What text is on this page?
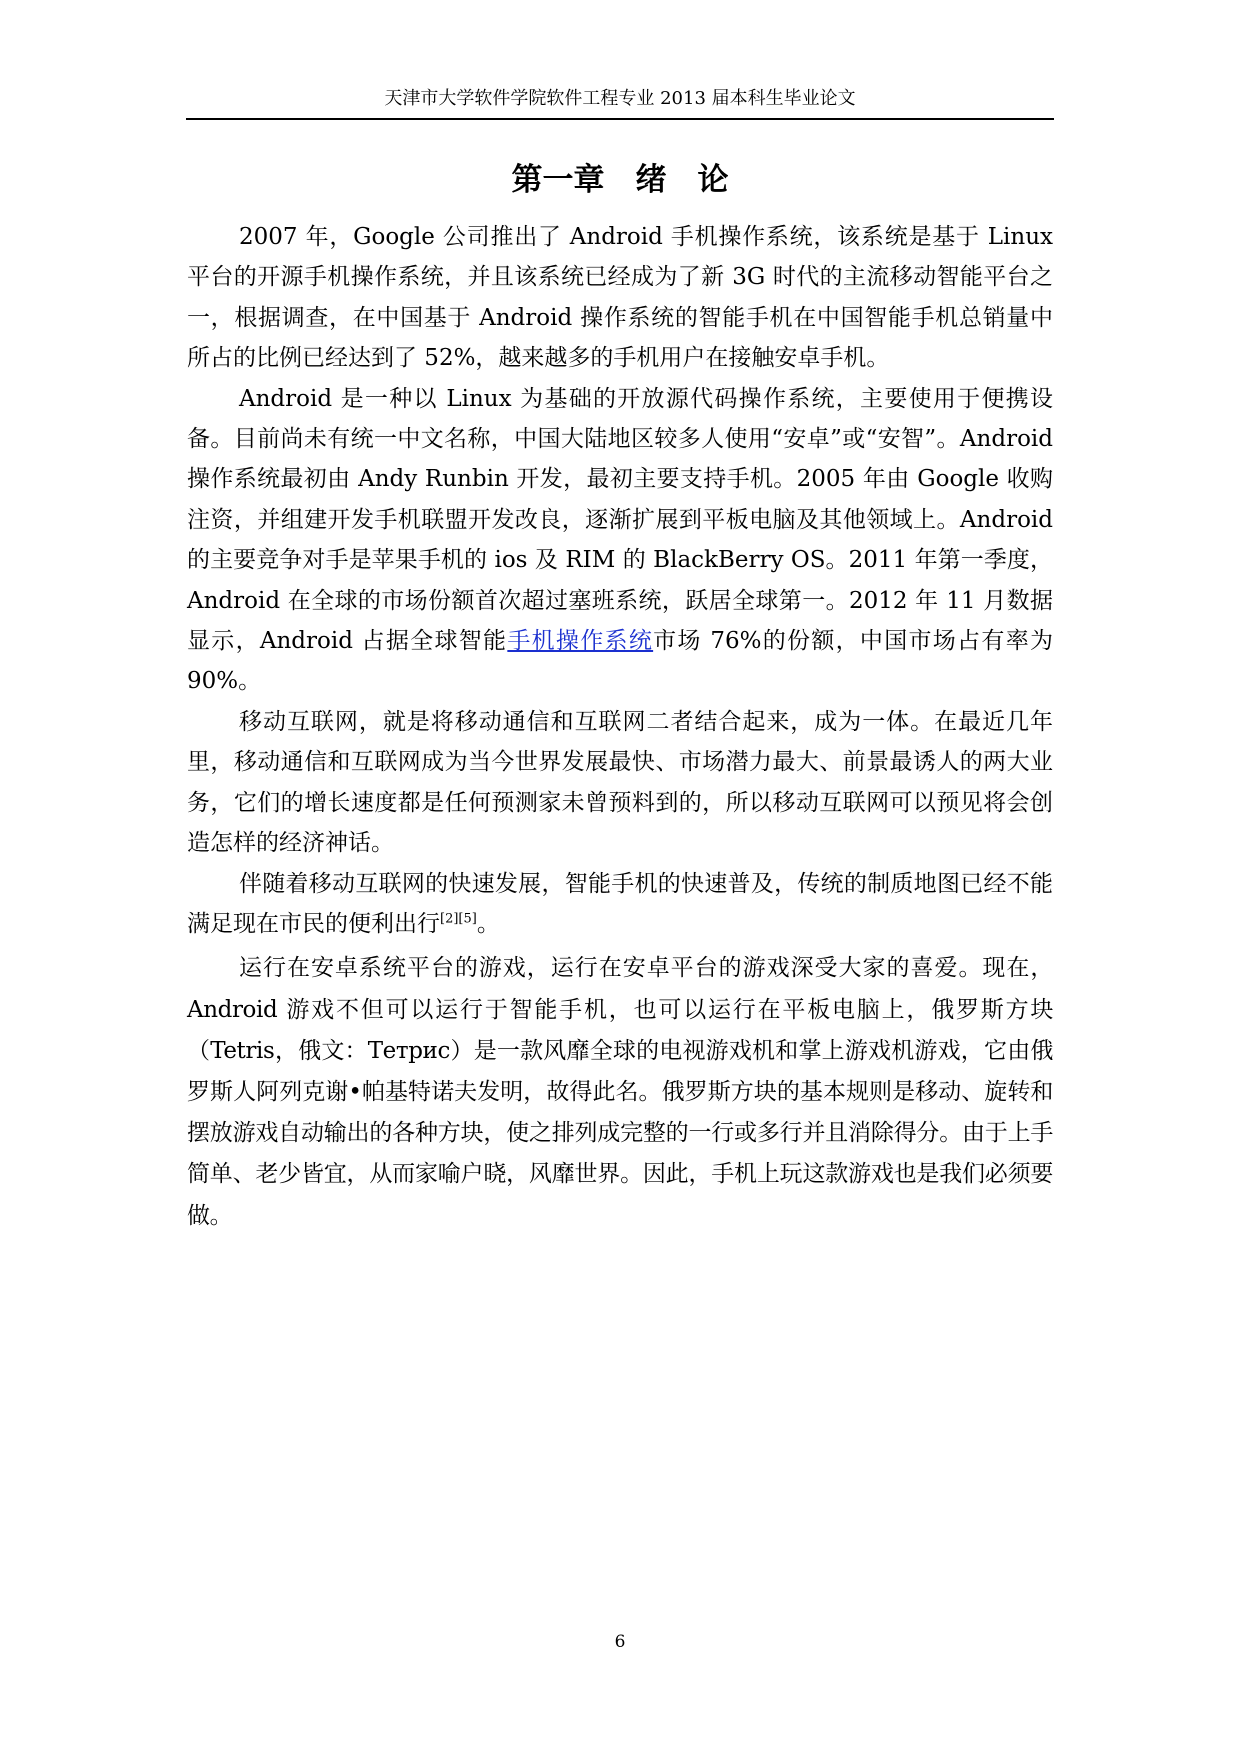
天津市大学软件学院软件工程专业 2013 届本科生毕业论文
第一章　绪　论

2007 年，Google 公司推出了 Android 手机操作系统，该系统是基于 Linux 平台的开源手机操作系统，并且该系统已经成为了新 3G 时代的主流移动智能平台之一，根据调查，在中国基于 Android 操作系统的智能手机在中国智能手机总销量中所占的比例已经达到了 52%，越来越多的手机用户在接触安卓手机。

Android 是一种以 Linux 为基础的开放源代码操作系统，主要使用于便携设备。目前尚未有统一中文名称，中国大陆地区较多人使用“安卓”或“安智”。Android 操作系统最初由 Andy Runbin 开发，最初主要支持手机。2005 年由 Google 收购注资，并组建开发手机联盟开发改良，逐渐扩展到平板电脑及其他领域上。Android 的主要竞争对手是苹果手机的 ios 及 RIM 的 BlackBerry OS。2011 年第一季度，Android 在全球的市场份额首次超过塞班系统，跃居全球第一。2012 年 11 月数据显示，Android 占据全球智能手机操作系统市场 76%的份额，中国市场占有率为 90%。

移动互联网，就是将移动通信和互联网二者结合起来，成为一体。在最近几年里，移动通信和互联网成为当今世界发展最快、市场潜力最大、前景最诱人的两大业务，它们的增长速度都是任何预测家未曾预料到的，所以移动互联网可以预见将会创造怎样的经济神话。

伴随着移动互联网的快速发展，智能手机的快速普及，传统的制质地图已经不能满足现在市民的便利出行[2][5]。

运行在安卓系统平台的游戏，运行在安卓平台的游戏深受大家的喜爱。现在，Android 游戏不但可以运行于智能手机，也可以运行在平板电脑上，俄罗斯方块（Tetris，俄文：Тетрис）是一款风靡全球的电视游戏机和掌上游戏机游戏，它由俄罗斯人阿列克谢•帕基特诺夫发明，故得此名。俄罗斯方块的基本规则是移动、旋转和摆放游戏自动输出的各种方块，使之排列成完整的一行或多行并且消除得分。由于上手简单、老少皆宜，从而家喻户晓，风靡世界。因此，手机上玩这款游戏也是我们必须要做。

6
